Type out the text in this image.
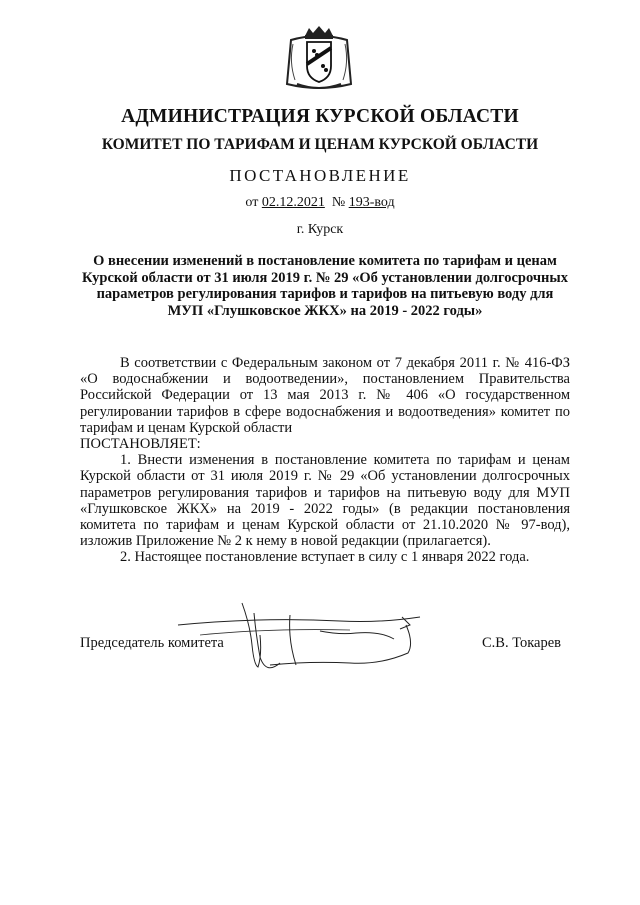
АДМИНИСТРАЦИЯ КУРСКОЙ ОБЛАСТИ
КОМИТЕТ ПО ТАРИФАМ И ЦЕНАМ КУРСКОЙ ОБЛАСТИ
ПОСТАНОВЛЕНИЕ
от 02.12.2021 № 193-вод
г. Курск
О внесении изменений в постановление комитета по тарифам и ценам Курской области от 31 июля 2019 г. № 29 «Об установлении долгосрочных параметров регулирования тарифов и тарифов на питьевую воду для МУП «Глушковское ЖКХ» на 2019 - 2022 годы»

В соответствии с Федеральным законом от 7 декабря 2011 г. № 416-ФЗ «О водоснабжении и водоотведении», постановлением Правительства Российской Федерации от 13 мая 2013 г. № 406 «О государственном регулировании тарифов в сфере водоснабжения и водоотведения» комитет по тарифам и ценам Курской области

ПОСТАНОВЛЯЕТ:

1. Внести изменения в постановление комитета по тарифам и ценам Курской области от 31 июля 2019 г. № 29 «Об установлении долгосрочных параметров регулирования тарифов и тарифов на питьевую воду для МУП «Глушковское ЖКХ» на 2019 - 2022 годы» (в редакции постановления комитета по тарифам и ценам Курской области от 21.10.2020 № 97-вод), изложив Приложение № 2 к нему в новой редакции (прилагается).

2. Настоящее постановление вступает в силу с 1 января 2022 года.

Председатель комитета	С.В. Токарев
